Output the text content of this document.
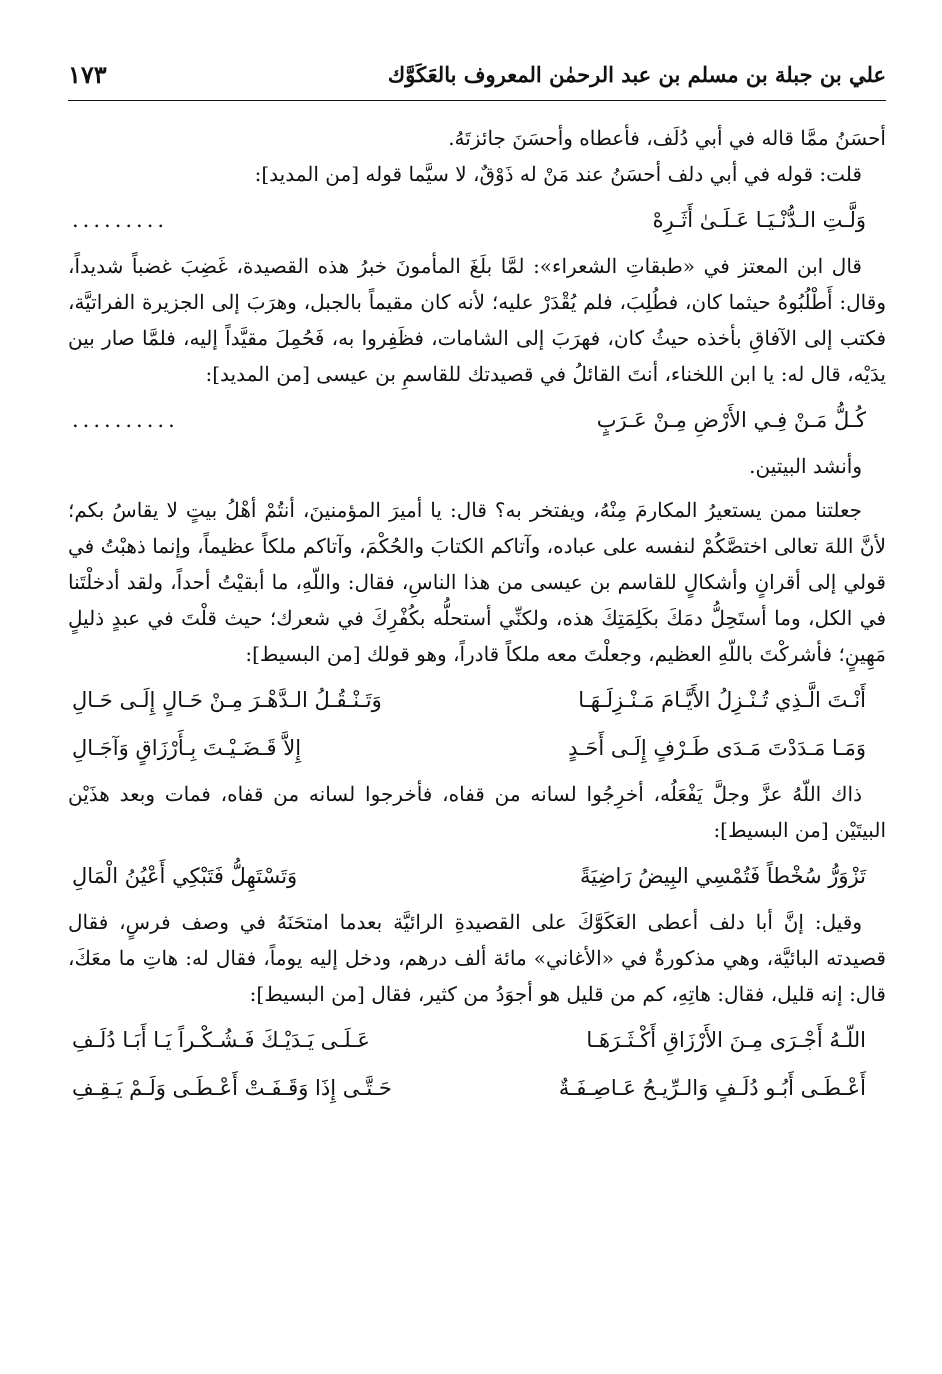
علي بن جبلة بن مسلم بن عبد الرحمٰن المعروف بالعَكَوَّك
١٧٣

أحسَنُ ممَّا قاله في أبي دُلَف، فأعطاه وأحسَنَ جائزتَهُ.

قلت: قوله في أبي دلف أحسَنُ عند مَنْ له ذَوْقٌ، لا سيَّما قوله [من المديد]:

وَلَّـتِ الـدُّنْـيَـا عَـلَـىٰ أَثَـرِهْ
.........

قال ابن المعتز في «طبقاتِ الشعراء»: لمَّا بلَغَ المأمونَ خبرُ هذه القصيدة، غَضِبَ غضباً شديداً، وقال: أَطْلُبُوهُ حيثما كان، فطُلِبَ، فلم يُقْدَرْ عليه؛ لأنه كان مقيماً بالجبل، وهرَبَ إلى الجزيرة الفراتيَّة، فكتب إلى الآفاقِ بأخذه حيثُ كان، فهرَبَ إلى الشامات، فظَفِروا به، فَحُمِلَ مقيَّداً إليه، فلمَّا صار بين يدَيْه، قال له: يا ابن اللخناء، أنتَ القائلُ في قصيدتك للقاسمِ بن عيسى [من المديد]:

كُـلُّ مَـنْ فِـي الأَرْضِ مِـنْ عَـرَبٍ
..........

وأنشد البيتين.

جعلتنا ممن يستعيرُ المكارمَ مِنْهُ، ويفتخر به؟ قال: يا أميرَ المؤمنينَ، أنتُمْ أهْلُ بيتٍ لا يقاسُ بكم؛ لأنَّ اللهَ تعالى اختصَّكُمْ لنفسه على عباده، وآتاكم الكتابَ والحُكْمَ، وآتاكم ملكاً عظيماً، وإنما ذهبْتُ في قولي إلى أقرانٍ وأشكالٍ للقاسم بن عيسى من هذا الناسِ، فقال: واللّهِ، ما أبقيْتُ أحداً، ولقد أدخلْتَنا في الكل، وما أستَحِلُّ دمَكَ بكَلِمَتِكَ هذه، ولكنِّي أستحلُّه بكُفْرِكَ في شعرك؛ حيث قلْتَ في عبدٍ ذليلٍ مَهِينٍ؛ فأشركْتَ باللّهِ العظيم، وجعلْتَ معه ملكاً قادراً، وهو قولك [من البسيط]:

أَنْـتَ الَّـذِي تُـنْـزِلُ الأَيَّـامَ مَـنْـزِلَـهَـا
وَتَـنْـقُـلُ الـدَّهْـرَ مِـنْ حَـالٍ إِلَـى حَـالِ
وَمَـا مَـدَدْتَ مَـدَى طَـرْفٍ إِلَـى أَحَـدٍ
إِلاَّ قَـضَـيْـتَ بِـأَرْزَاقٍ وَآجَـالِ

ذاك اللّهُ عزَّ وجلَّ يَفْعَلُه، أخرِجُوا لسانه من قفاه، فأخرجوا لسانه من قفاه، فمات وبعد هذَيْن البيتَيْن [من البسيط]:

تَزْوَرُّ سُخْطاً فَتُمْسِي البِيضُ رَاضِيَةً
وَتَسْتَهِلُّ فَتَبْكِي أَعْيُنُ الْمَالِ

وقيل: إنَّ أبا دلف أعطى العَكَوَّكَ على القصيدةِ الرائيَّة بعدما امتحَنَهُ في وصف فرسٍ، فقال قصيدته البائيَّة، وهي مذكورةٌ في «الأغاني» مائة ألف درهم، ودخل إليه يوماً، فقال له: هاتِ ما معَكَ، قال: إنه قليل، فقال: هاتِهِ، كم من قليل هو أجوَدُ من كثير، فقال [من البسيط]:

اللّـهُ أَجْـرَى مِـنَ الأَرْزَاقِ أَكْـثَـرَهَـا
عَـلَـى يَـدَيْـكَ فَـشُـكْـراً يَـا أَبَـا دُلَـفِ
أَعْـطَـى أَبُـو دُلَـفٍ وَالـرِّيـحُ عَـاصِـفَـةٌ
حَـتَّـى إِذَا وَقَـفَـتْ أَعْـطَـى وَلَـمْ يَـقِـفِ
